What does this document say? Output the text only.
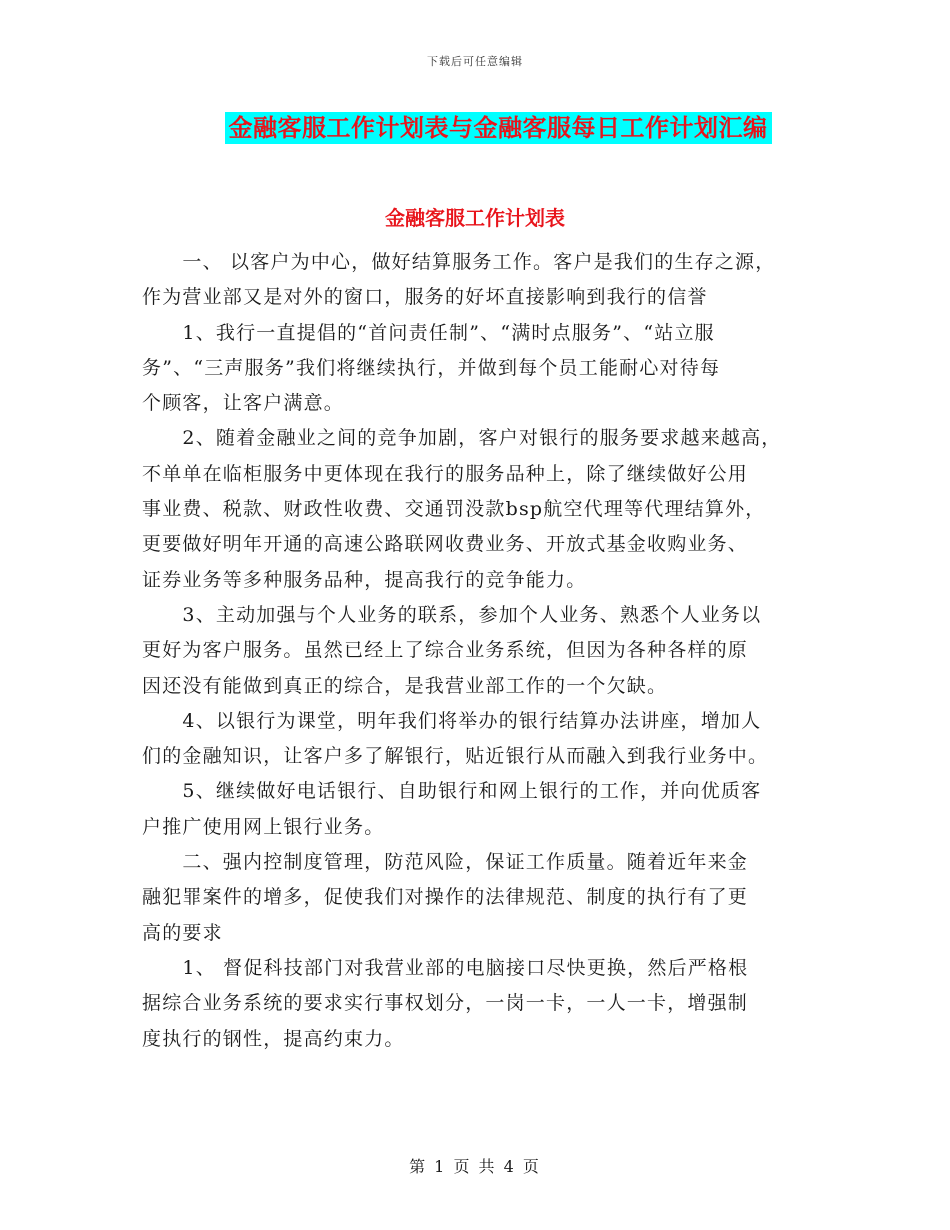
下载后可任意编辑
金融客服工作计划表与金融客服每日工作计划汇编
金融客服工作计划表
　　一、 以客户为中心，做好结算服务工作。客户是我们的生存之源，
作为营业部又是对外的窗口，服务的好坏直接影响到我行的信誉
　　1、我行一直提倡的“首问责任制”、“满时点服务”、“站立服
务”、“三声服务”我们将继续执行，并做到每个员工能耐心对待每
个顾客，让客户满意。
　　2、随着金融业之间的竞争加剧，客户对银行的服务要求越来越高，
不单单在临柜服务中更体现在我行的服务品种上，除了继续做好公用
事业费、税款、财政性收费、交通罚没款bsp航空代理等代理结算外，
更要做好明年开通的高速公路联网收费业务、开放式基金收购业务、
证券业务等多种服务品种，提高我行的竞争能力。
　　3、主动加强与个人业务的联系，参加个人业务、熟悉个人业务以
更好为客户服务。虽然已经上了综合业务系统，但因为各种各样的原
因还没有能做到真正的综合，是我营业部工作的一个欠缺。
　　4、以银行为课堂，明年我们将举办的银行结算办法讲座，增加人
们的金融知识，让客户多了解银行，贴近银行从而融入到我行业务中。
　　5、继续做好电话银行、自助银行和网上银行的工作，并向优质客
户推广使用网上银行业务。
　　二、强内控制度管理，防范风险，保证工作质量。随着近年来金
融犯罪案件的增多，促使我们对操作的法律规范、制度的执行有了更
高的要求
　　1、 督促科技部门对我营业部的电脑接口尽快更换，然后严格根
据综合业务系统的要求实行事权划分，一岗一卡，一人一卡，增强制
度执行的钢性，提高约束力。
第 1 页 共 4 页
